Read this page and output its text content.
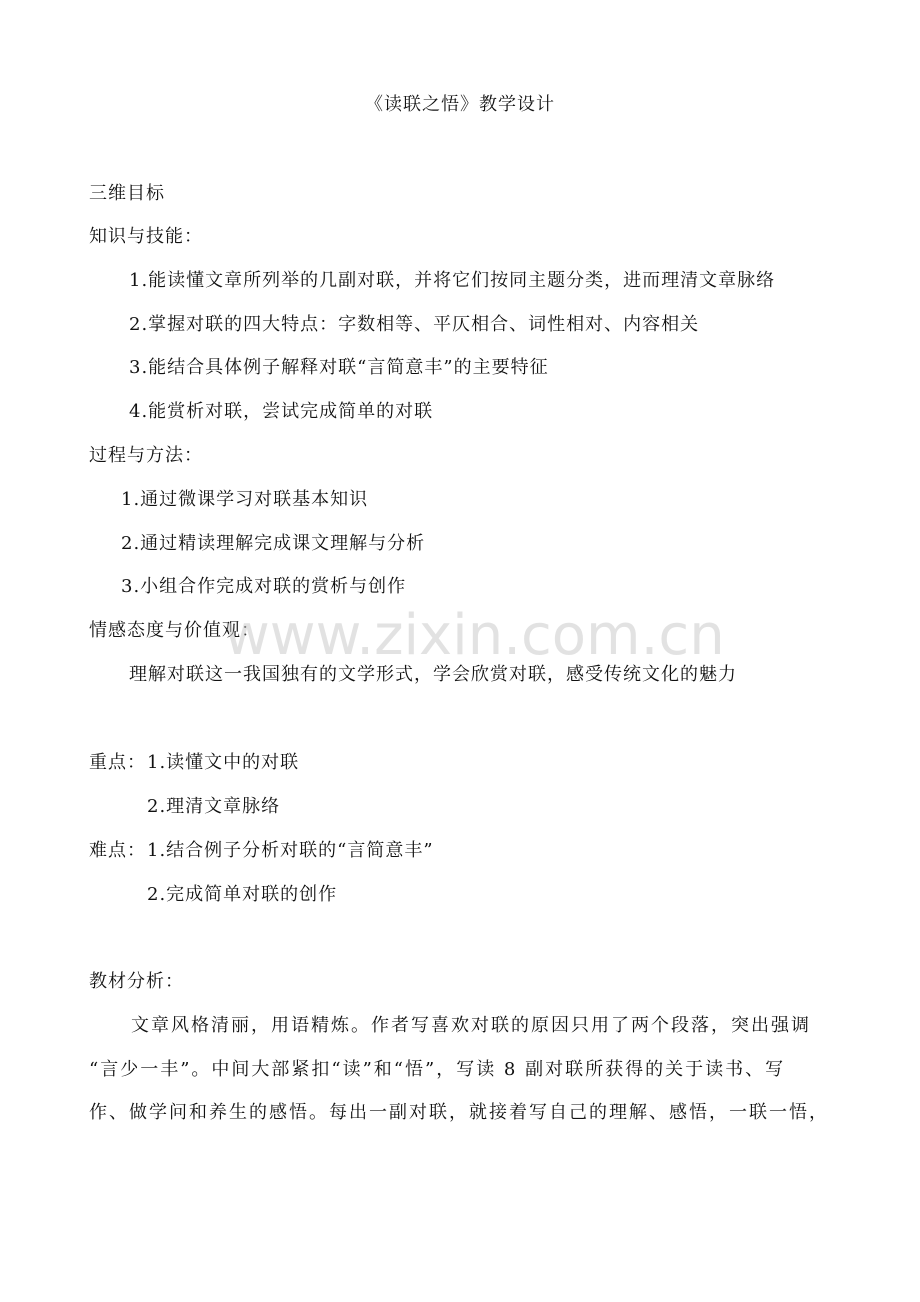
《读联之悟》教学设计
三维目标
知识与技能：
1.能读懂文章所列举的几副对联，并将它们按同主题分类，进而理清文章脉络
2.掌握对联的四大特点：字数相等、平仄相合、词性相对、内容相关
3.能结合具体例子解释对联“言简意丰”的主要特征
4.能赏析对联，尝试完成简单的对联
过程与方法：
1.通过微课学习对联基本知识
2.通过精读理解完成课文理解与分析
3.小组合作完成对联的赏析与创作
情感态度与价值观：
理解对联这一我国独有的文学形式，学会欣赏对联，感受传统文化的魅力
重点： 1.读懂文中的对联
2.理清文章脉络
难点： 1.结合例子分析对联的“言简意丰”
2.完成简单对联的创作
教材分析：
文章风格清丽，用语精炼。作者写喜欢对联的原因只用了两个段落，突出强调
“言少一丰”。中间大部紧扣“读”和“悟”，写读 8 副对联所获得的关于读书、写
作、做学问和养生的感悟。每出一副对联，就接着写自己的理解、感悟，一联一悟，
www.zixin.com.cn
